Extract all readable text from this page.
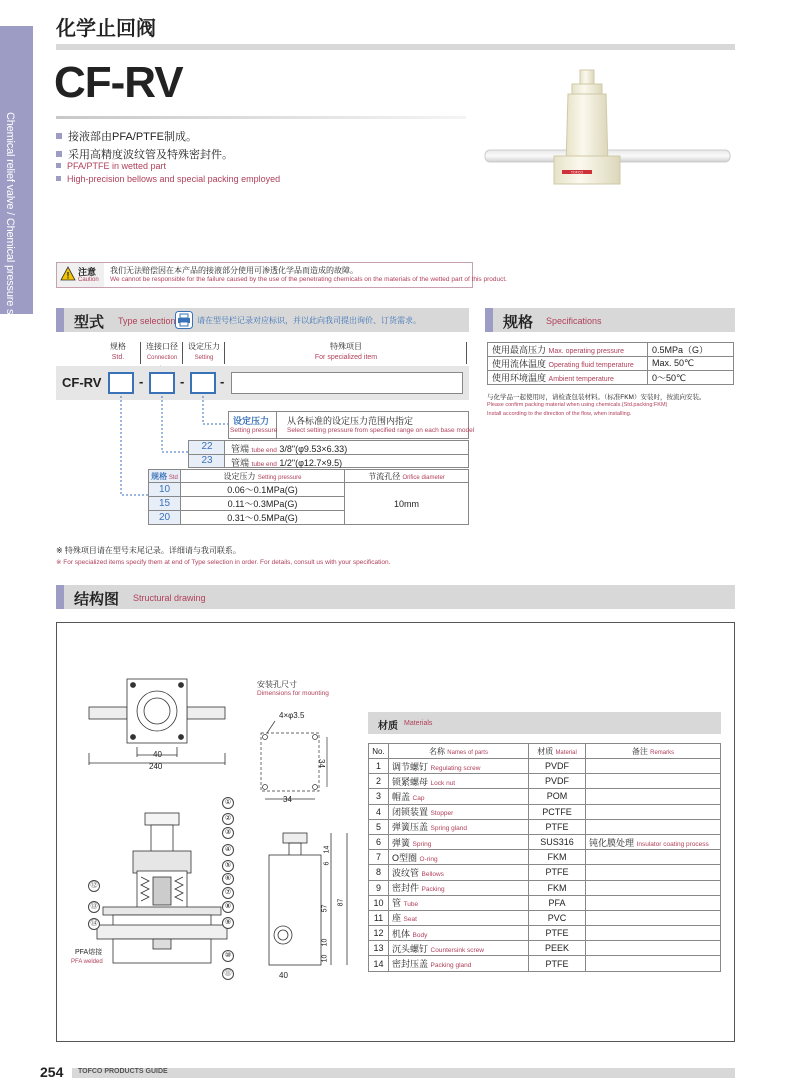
Chemical relief valve / Chemical pressure switch
化学止回阀
CF-RV
接液部由PFA/PTFE制成。
采用高精度波纹管及特殊密封件。
PFA/PTFE in wetted part
High-precision bellows and special packing employed
TOFCO
! 注意
Caution
我们无法赔偿因在本产品的接液部分使用可渗透化学品而造成的故障。
We cannot be responsible for the failure caused by the use of the penetrating chemicals on the materials of the wetted part of this product.
型式 Type selection	请在型号栏记录对应标识，并以此向我司提出询价、订货需求。
规格
Std.
连接口径
Connection
设定压力
Setting
特殊项目
For specialized item
CF-RV	-	-	-
设定压力
Setting pressure
从各标准的设定压力范围内指定
Select setting pressure from specified range on each base model
22	管端 tube end 3/8"(φ9.53×6.33)
23	管端 tube end 1/2"(φ12.7×9.5)
规格 Std	设定压力 Setting pressure	节流孔径 Orifice diameter
10	0.06～0.1MPa(G)	10mm
15	0.11～0.3MPa(G)	
20	0.31～0.5MPa(G)	
※ 特殊项目请在型号末尾记录。详细请与我司联系。
※ For specialized items specify them at end of Type selection in order. For details, consult us with your specification.
规格 Specifications
使用最高压力 Max. operating pressure	0.5MPa（G）
使用流体温度 Operating fluid temperature	Max. 50℃
使用环境温度 Ambient temperature	0～50℃
与化学品一起使用时，请检查包装材料。（标准FKM）安装时，按流向安装。
Please confirm packing material when using chemicals.(Std.packing:FKM)
Install according to the direction of the flow, when installing.
结构图 Structural drawing
40
240
安装孔尺寸
Dimensions for mounting
4×φ3.5
34
34
PFA熔接
PFA welded
①
②
③
④
⑤
⑥
⑦
⑧
⑨
⑩
⑪
⑫
⑬
⑭
14
6
57
87
10
10
40
材质 Materials
No.	名称 Names of parts	材质 Material	备注 Remarks
1	调节螺钉 Regulating screw	PVDF	
2	锁紧螺母 Lock nut	PVDF	
3	帽盖 Cap	POM	
4	闭锁装置 Stopper	PCTFE	
5	弹簧压盖 Spring gland	PTFE	
6	弹簧 Spring	SUS316	钝化膜处理 Insulator coating process
7	O型圈 O-ring	FKM	
8	波纹管 Bellows	PTFE	
9	密封件 Packing	FKM	
10	管 Tube	PFA	
11	座 Seat	PVC	
12	机体 Body	PTFE	
13	沉头螺钉 Countersink screw	PEEK	
14	密封压盖 Packing gland	PTFE	
254 TOFCO PRODUCTS GUIDE
